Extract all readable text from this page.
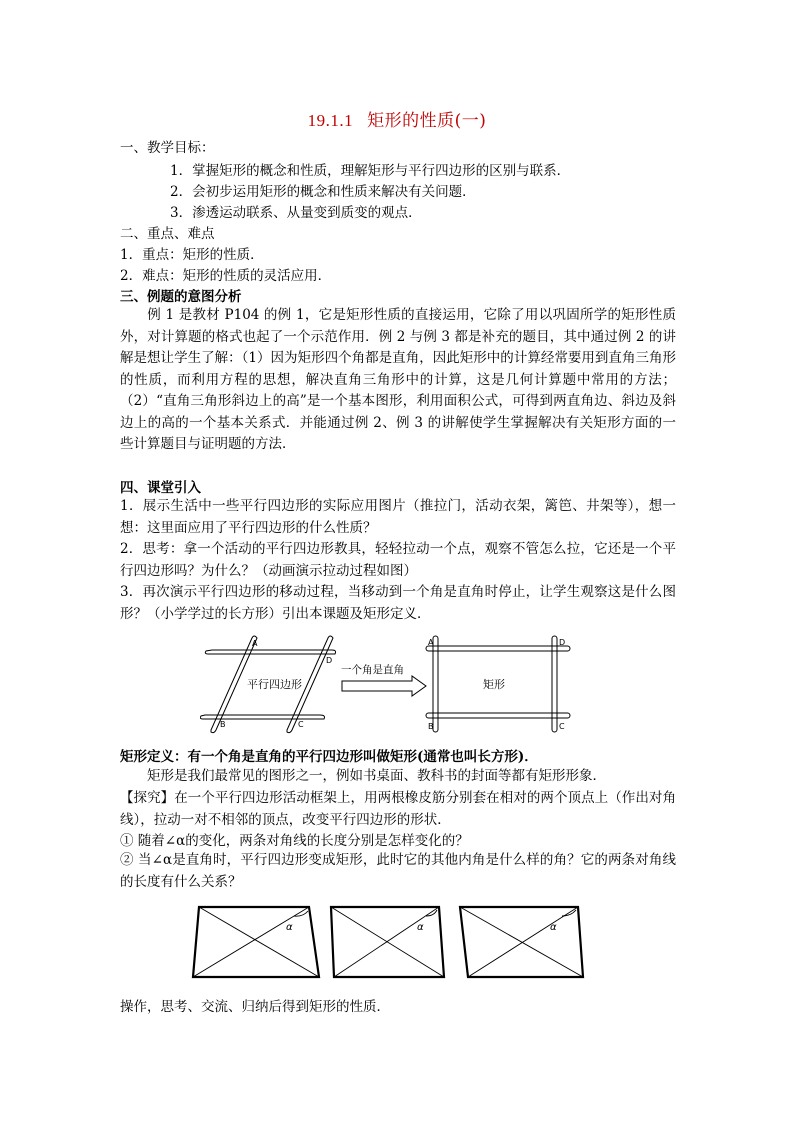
19.1.1 矩形的性质(一)
一、教学目标：
1．掌握矩形的概念和性质，理解矩形与平行四边形的区别与联系．
2．会初步运用矩形的概念和性质来解决有关问题．
3．渗透运动联系、从量变到质变的观点．
二、重点、难点
1．重点：矩形的性质．
2．难点：矩形的性质的灵活应用．
三、例题的意图分析
例 1 是教材 P104 的例 1，它是矩形性质的直接运用，它除了用以巩固所学的矩形性质外，对计算题的格式也起了一个示范作用．例 2 与例 3 都是补充的题目，其中通过例 2 的讲解是想让学生了解：（1）因为矩形四个角都是直角，因此矩形中的计算经常要用到直角三角形的性质，而利用方程的思想，解决直角三角形中的计算，这是几何计算题中常用的方法；（2）“直角三角形斜边上的高”是一个基本图形，利用面积公式，可得到两直角边、斜边及斜边上的高的一个基本关系式．并能通过例 2、例 3 的讲解使学生掌握解决有关矩形方面的一些计算题目与证明题的方法．
四、课堂引入
1．展示生活中一些平行四边形的实际应用图片（推拉门，活动衣架，篱笆、井架等），想一想：这里面应用了平行四边形的什么性质？
2．思考：拿一个活动的平行四边形教具，轻轻拉动一个点，观察不管怎么拉，它还是一个平行四边形吗？为什么？（动画演示拉动过程如图）
3．再次演示平行四边形的移动过程，当移动到一个角是直角时停止，让学生观察这是什么图形？（小学学过的长方形）引出本课题及矩形定义．
A
B	C
D
平行四边形
一个角是直角
A
B	C
D
矩形
矩形定义：有一个角是直角的平行四边形叫做矩形(通常也叫长方形)．
矩形是我们最常见的图形之一，例如书桌面、教科书的封面等都有矩形形象．
【探究】在一个平行四边形活动框架上，用两根橡皮筋分别套在相对的两个顶点上（作出对角线），拉动一对不相邻的顶点，改变平行四边形的形状．
① 随着∠α的变化，两条对角线的长度分别是怎样变化的？
② 当∠α是直角时，平行四边形变成矩形，此时它的其他内角是什么样的角？它的两条对角线的长度有什么关系？
α	α	α
操作，思考、交流、归纳后得到矩形的性质．
